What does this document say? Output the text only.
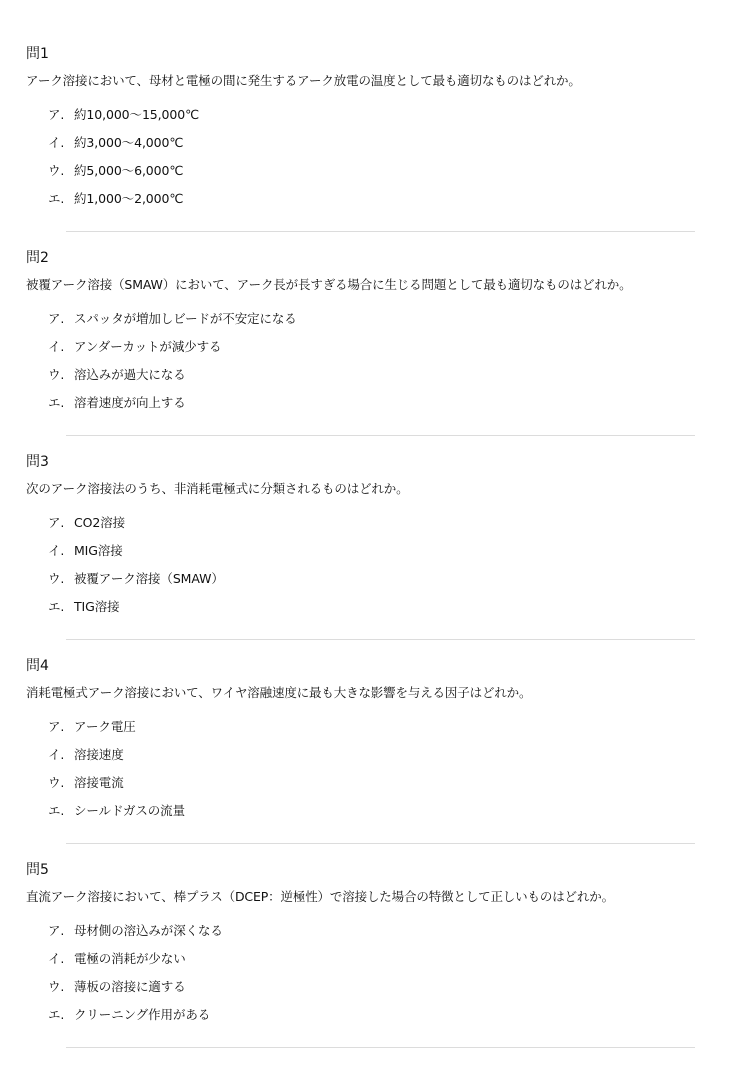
問1
アーク溶接において、母材と電極の間に発生するアーク放電の温度として最も適切なものはどれか。
ア. 約10,000～15,000℃
イ. 約3,000～4,000℃
ウ. 約5,000～6,000℃
エ. 約1,000～2,000℃
問2
被覆アーク溶接（SMAW）において、アーク長が長すぎる場合に生じる問題として最も適切なものはどれか。
ア. スパッタが増加しビードが不安定になる
イ. アンダーカットが減少する
ウ. 溶込みが過大になる
エ. 溶着速度が向上する
問3
次のアーク溶接法のうち、非消耗電極式に分類されるものはどれか。
ア. CO2溶接
イ. MIG溶接
ウ. 被覆アーク溶接（SMAW）
エ. TIG溶接
問4
消耗電極式アーク溶接において、ワイヤ溶融速度に最も大きな影響を与える因子はどれか。
ア. アーク電圧
イ. 溶接速度
ウ. 溶接電流
エ. シールドガスの流量
問5
直流アーク溶接において、棒プラス（DCEP：逆極性）で溶接した場合の特徴として正しいものはどれか。
ア. 母材側の溶込みが深くなる
イ. 電極の消耗が少ない
ウ. 薄板の溶接に適する
エ. クリーニング作用がある
